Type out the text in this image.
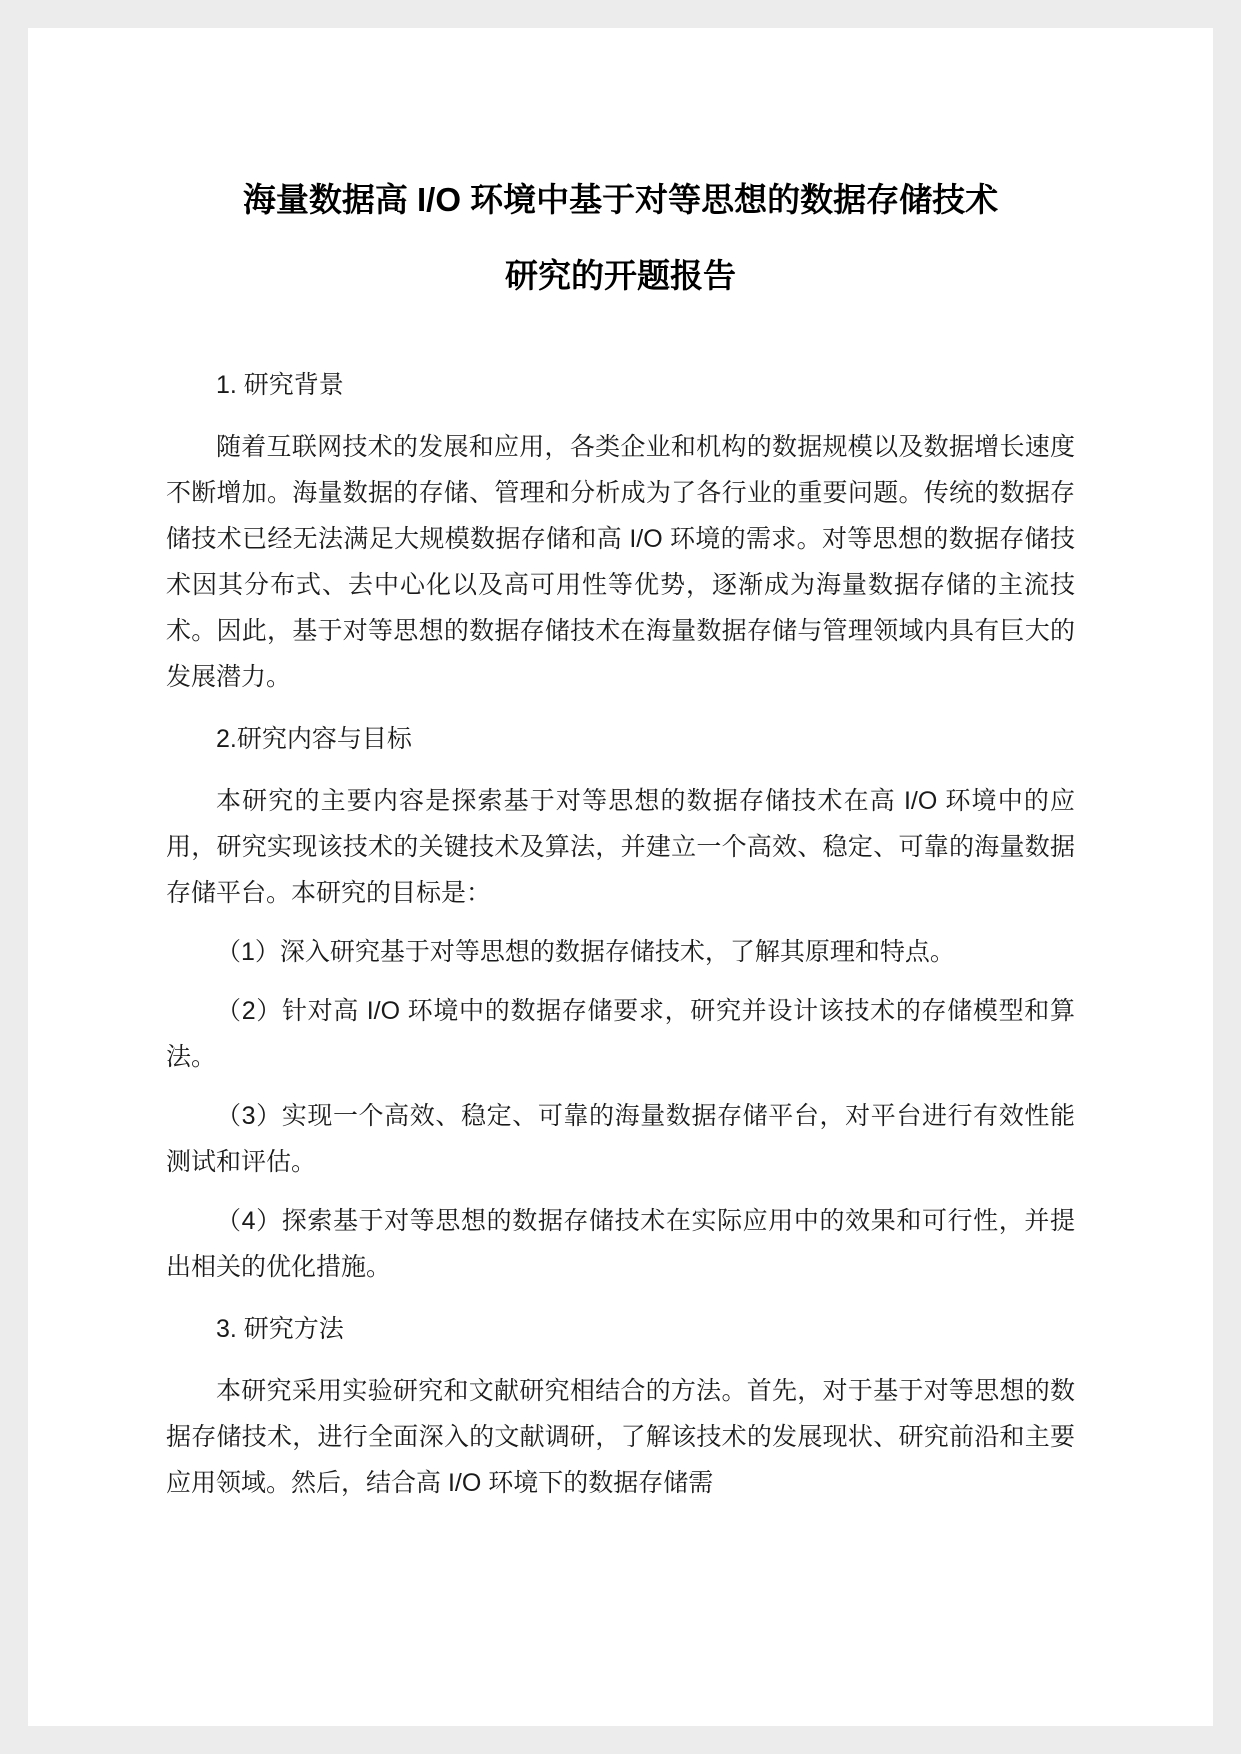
海量数据高 I/O 环境中基于对等思想的数据存储技术
研究的开题报告

1. 研究背景

随着互联网技术的发展和应用，各类企业和机构的数据规模以及数据增长速度不断增加。海量数据的存储、管理和分析成为了各行业的重要问题。传统的数据存储技术已经无法满足大规模数据存储和高 I/O 环境的需求。对等思想的数据存储技术因其分布式、去中心化以及高可用性等优势，逐渐成为海量数据存储的主流技术。因此，基于对等思想的数据存储技术在海量数据存储与管理领域内具有巨大的发展潜力。

2.研究内容与目标

本研究的主要内容是探索基于对等思想的数据存储技术在高 I/O 环境中的应用，研究实现该技术的关键技术及算法，并建立一个高效、稳定、可靠的海量数据存储平台。本研究的目标是：

（1）深入研究基于对等思想的数据存储技术，了解其原理和特点。

（2）针对高 I/O 环境中的数据存储要求，研究并设计该技术的存储模型和算法。

（3）实现一个高效、稳定、可靠的海量数据存储平台，对平台进行有效性能测试和评估。

（4）探索基于对等思想的数据存储技术在实际应用中的效果和可行性，并提出相关的优化措施。

3. 研究方法

本研究采用实验研究和文献研究相结合的方法。首先，对于基于对等思想的数据存储技术，进行全面深入的文献调研，了解该技术的发展现状、研究前沿和主要应用领域。然后，结合高 I/O 环境下的数据存储需
